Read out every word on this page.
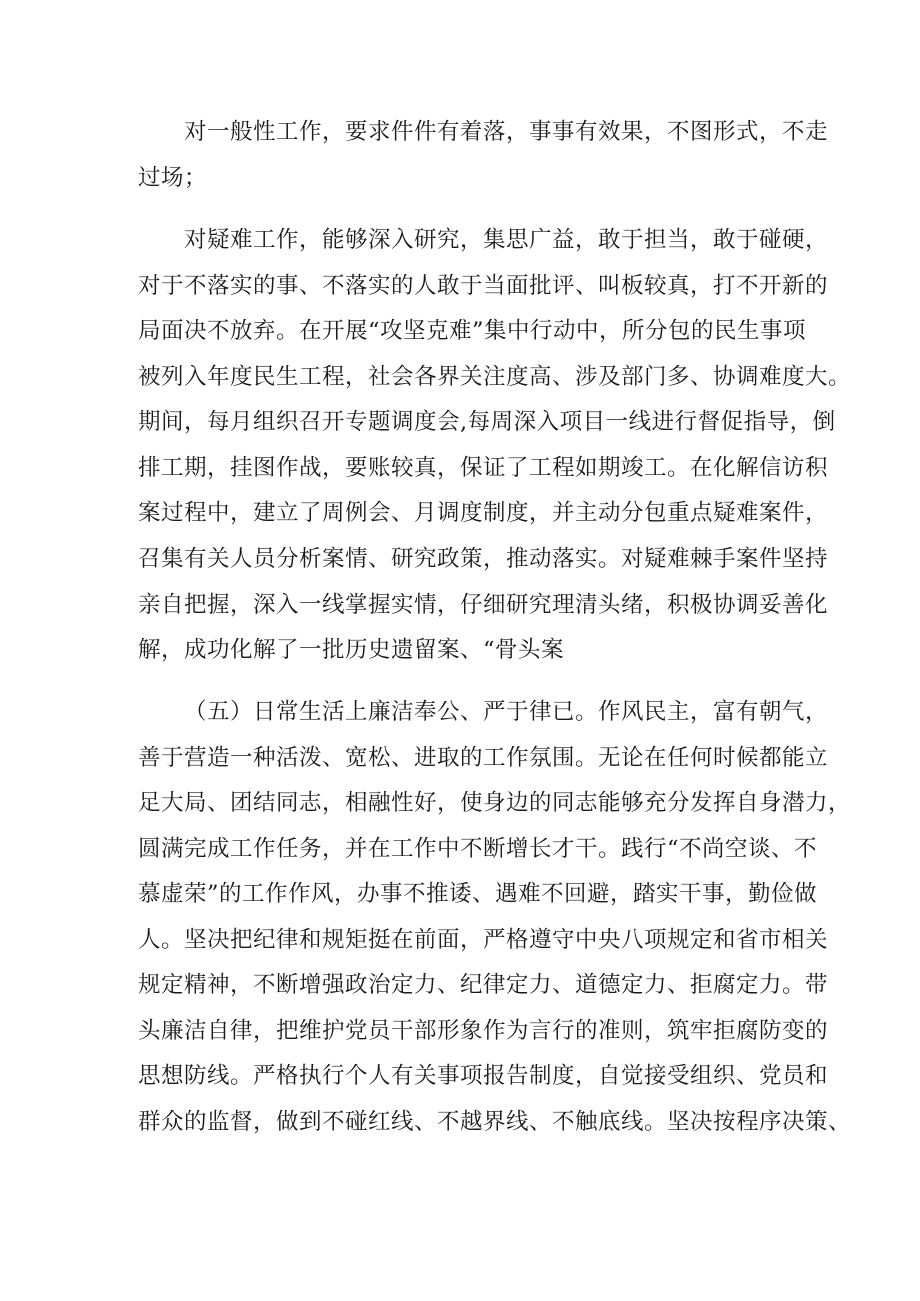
对一般性工作，要求件件有着落，事事有效果，不图形式，不走
过场；
对疑难工作，能够深入研究，集思广益，敢于担当，敢于碰硬，
对于不落实的事、不落实的人敢于当面批评、叫板较真，打不开新的
局面决不放弃。在开展“攻坚克难”集中行动中，所分包的民生事项
被列入年度民生工程，社会各界关注度高、涉及部门多、协调难度大。
期间，每月组织召开专题调度会,每周深入项目一线进行督促指导，倒
排工期，挂图作战，要账较真，保证了工程如期竣工。在化解信访积
案过程中，建立了周例会、月调度制度，并主动分包重点疑难案件，
召集有关人员分析案情、研究政策，推动落实。对疑难棘手案件坚持
亲自把握，深入一线掌握实情，仔细研究理清头绪，积极协调妥善化
解，成功化解了一批历史遗留案、“骨头案
（五）日常生活上廉洁奉公、严于律已。作风民主，富有朝气，
善于营造一种活泼、宽松、进取的工作氛围。无论在任何时候都能立
足大局、团结同志，相融性好，使身边的同志能够充分发挥自身潜力，
圆满完成工作任务，并在工作中不断增长才干。践行“不尚空谈、不
慕虚荣”的工作作风，办事不推诿、遇难不回避，踏实干事，勤俭做
人。坚决把纪律和规矩挺在前面，严格遵守中央八项规定和省市相关
规定精神，不断增强政治定力、纪律定力、道德定力、拒腐定力。带
头廉洁自律，把维护党员干部形象作为言行的准则，筑牢拒腐防变的
思想防线。严格执行个人有关事项报告制度，自觉接受组织、党员和
群众的监督，做到不碰红线、不越界线、不触底线。坚决按程序决策、
